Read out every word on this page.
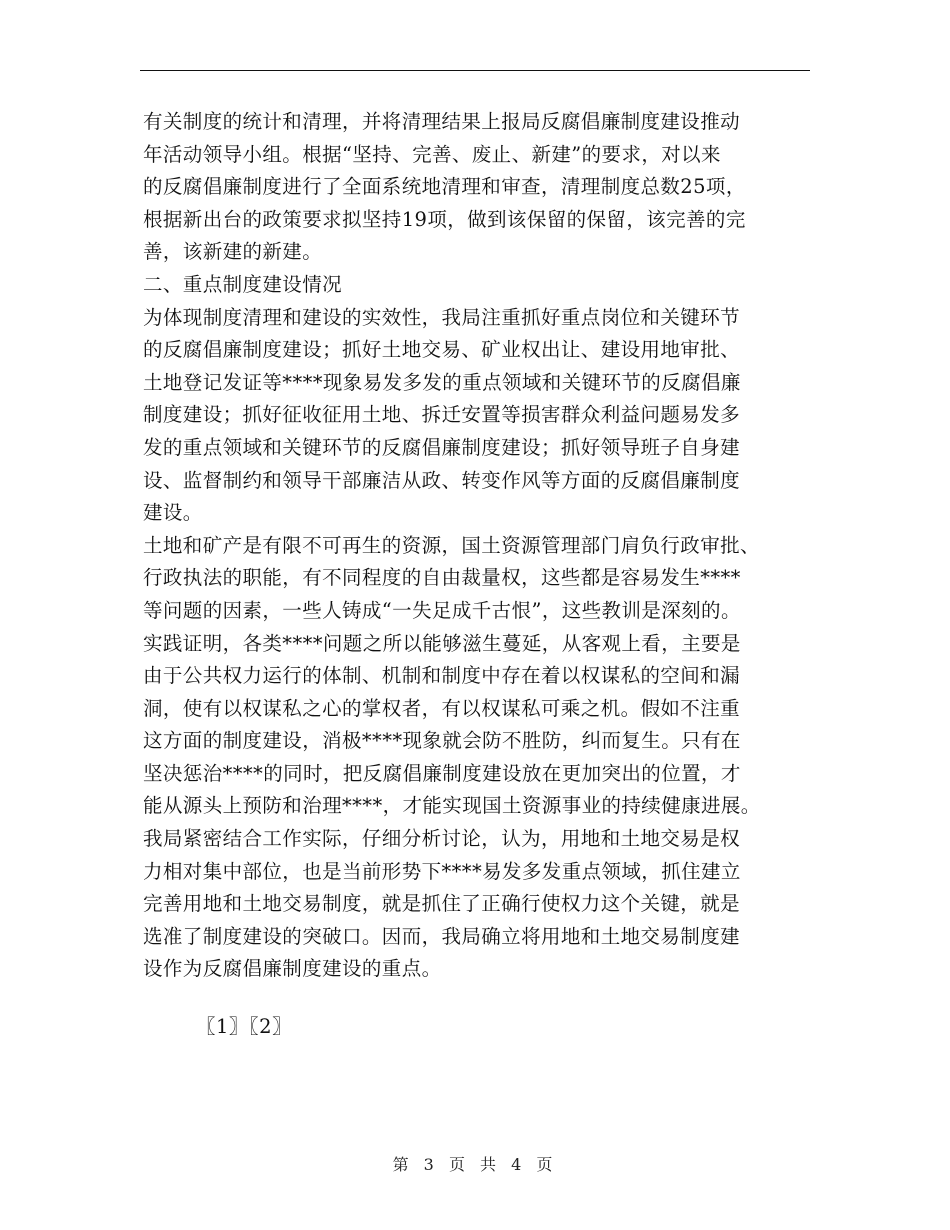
有关制度的统计和清理，并将清理结果上报局反腐倡廉制度建设推动
年活动领导小组。根据“坚持、完善、废止、新建”的要求，对以来
的反腐倡廉制度进行了全面系统地清理和审查，清理制度总数25项，
根据新出台的政策要求拟坚持19项，做到该保留的保留，该完善的完
善，该新建的新建。
二、重点制度建设情况
为体现制度清理和建设的实效性，我局注重抓好重点岗位和关键环节
的反腐倡廉制度建设；抓好土地交易、矿业权出让、建设用地审批、
土地登记发证等****现象易发多发的重点领域和关键环节的反腐倡廉
制度建设；抓好征收征用土地、拆迁安置等损害群众利益问题易发多
发的重点领域和关键环节的反腐倡廉制度建设；抓好领导班子自身建
设、监督制约和领导干部廉洁从政、转变作风等方面的反腐倡廉制度
建设。
土地和矿产是有限不可再生的资源，国土资源管理部门肩负行政审批、
行政执法的职能，有不同程度的自由裁量权，这些都是容易发生****
等问题的因素，一些人铸成“一失足成千古恨”，这些教训是深刻的。
实践证明，各类****问题之所以能够滋生蔓延，从客观上看，主要是
由于公共权力运行的体制、机制和制度中存在着以权谋私的空间和漏
洞，使有以权谋私之心的掌权者，有以权谋私可乘之机。假如不注重
这方面的制度建设，消极****现象就会防不胜防，纠而复生。只有在
坚决惩治****的同时，把反腐倡廉制度建设放在更加突出的位置，才
能从源头上预防和治理****，才能实现国土资源事业的持续健康进展。
我局紧密结合工作实际，仔细分析讨论，认为，用地和土地交易是权
力相对集中部位，也是当前形势下****易发多发重点领域，抓住建立
完善用地和土地交易制度，就是抓住了正确行使权力这个关键，就是
选准了制度建设的突破口。因而，我局确立将用地和土地交易制度建
设作为反腐倡廉制度建设的重点。
〖1〗〖2〗
第 3 页 共 4 页
